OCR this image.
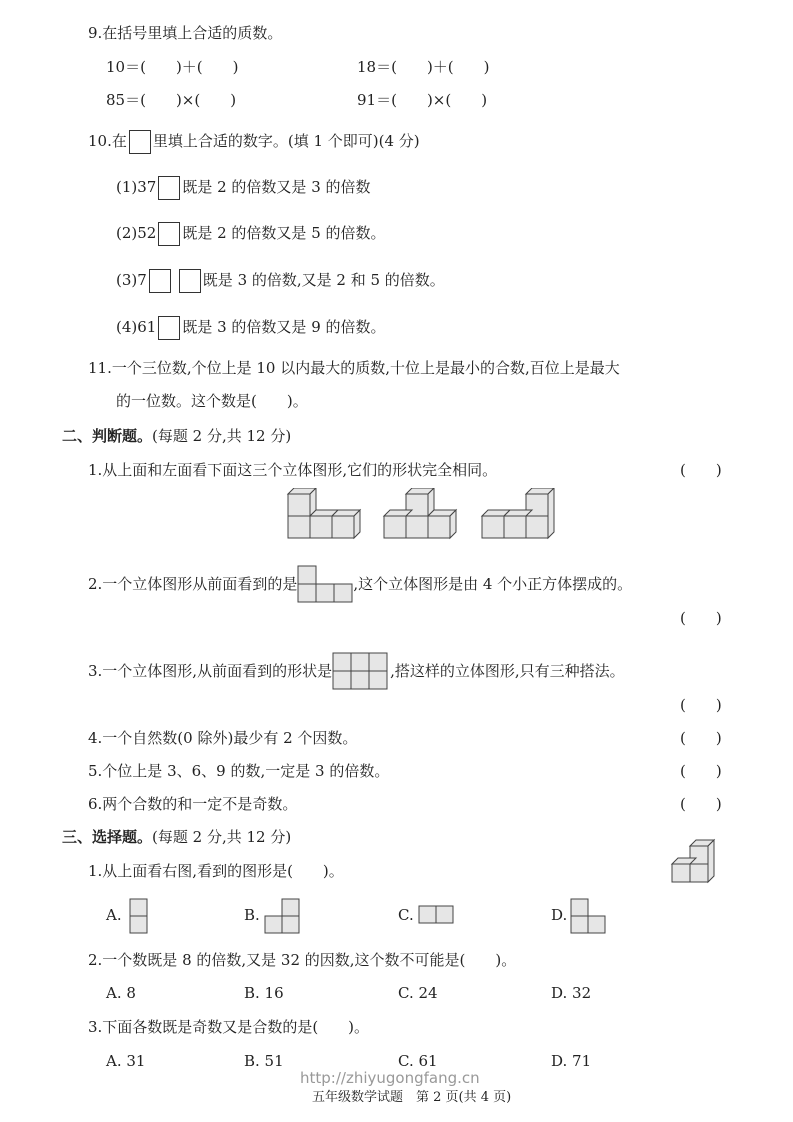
9.在括号里填上合适的质数。
10＝(　　)＋(　　)	18＝(　　)＋(　　)
85＝(　　)×(　　)	91＝(　　)×(　　)
10.在 里填上合适的数字。(填 1 个即可)(4 分)
(1)37 既是 2 的倍数又是 3 的倍数
(2)52 既是 2 的倍数又是 5 的倍数。
(3)7	既是 3 的倍数,又是 2 和 5 的倍数。
(4)61 既是 3 的倍数又是 9 的倍数。
11.一个三位数,个位上是 10 以内最大的质数,十位上是最小的合数,百位上是最大
的一位数。这个数是(　　)。
二、判断题。(每题 2 分,共 12 分)
1.从上面和左面看下面这三个立体图形,它们的形状完全相同。	(　　)
2.一个立体图形从前面看到的是	,这个立体图形是由 4 个小正方体摆成的。
(　　)
3.一个立体图形,从前面看到的形状是	,搭这样的立体图形,只有三种搭法。
(　　)
4.一个自然数(0 除外)最少有 2 个因数。	(　　)
5.个位上是 3、6、9 的数,一定是 3 的倍数。	(　　)
6.两个合数的和一定不是奇数。	(　　)
三、选择题。(每题 2 分,共 12 分)
1.从上面看右图,看到的图形是(　　)。
A.	B.	C.	D.
2.一个数既是 8 的倍数,又是 32 的因数,这个数不可能是(　　)。
A. 8	B. 16	C. 24	D. 32
3.下面各数既是奇数又是合数的是(　　)。
A. 31	B. 51	C. 61	D. 71
http://zhiyugongfang.cn
五年级数学试题　第 2 页(共 4 页)
